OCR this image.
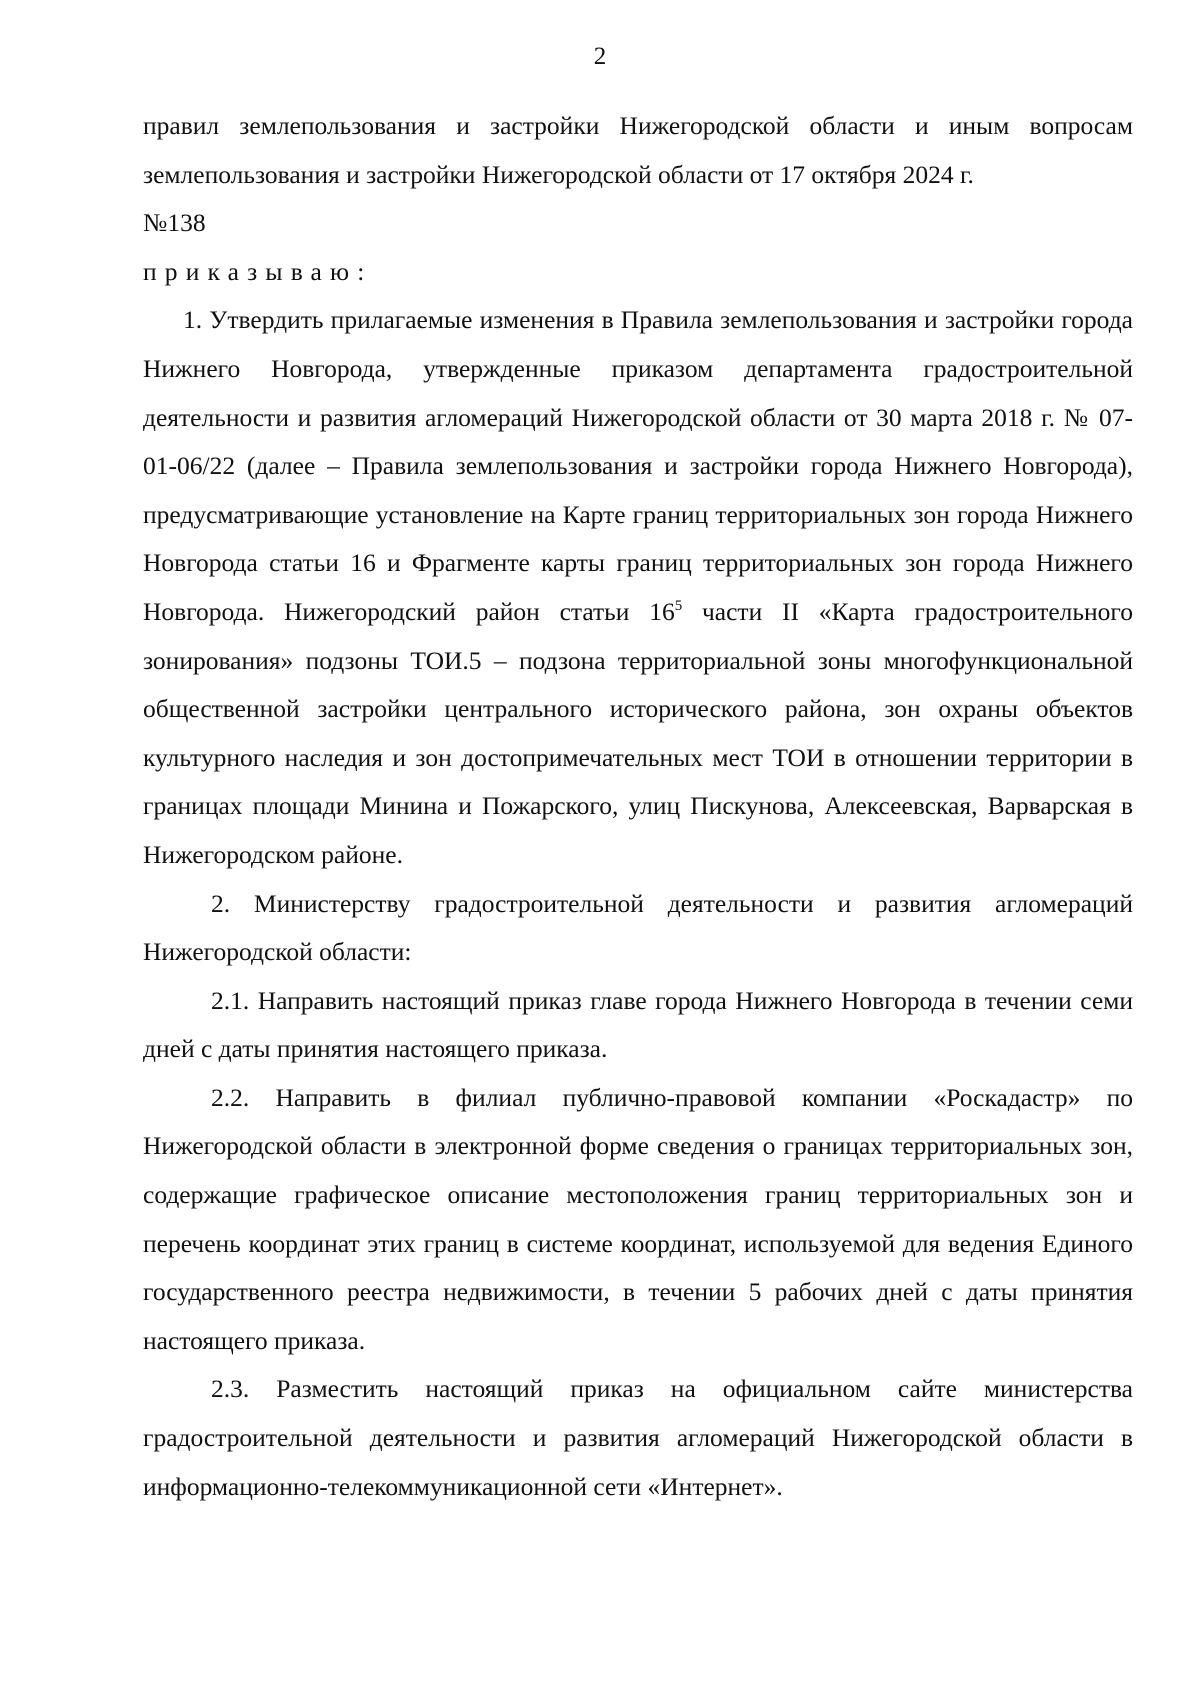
2

правил землепользования и застройки Нижегородской области и иным вопросам землепользования и застройки Нижегородской области от 17 октября 2024 г.

№138

приказываю:

1. Утвердить прилагаемые изменения в Правила землепользования и застройки города Нижнего Новгорода, утвержденные приказом департамента градостроительной деятельности и развития агломераций Нижегородской области от 30 марта 2018 г. № 07-01-06/22 (далее – Правила землепользования и застройки города Нижнего Новгорода), предусматривающие установление на Карте границ территориальных зон города Нижнего Новгорода статьи 16 и Фрагменте карты границ территориальных зон города Нижнего Новгорода. Нижегородский район статьи $16^5$ части II «Карта градостроительного зонирования» подзоны ТОИ.5 – подзона территориальной зоны многофункциональной общественной застройки центрального исторического района, зон охраны объектов культурного наследия и зон достопримечательных мест ТОИ в отношении территории в границах площади Минина и Пожарского, улиц Пискунова, Алексеевская, Варварская в Нижегородском районе.

2. Министерству градостроительной деятельности и развития агломераций Нижегородской области:

2.1. Направить настоящий приказ главе города Нижнего Новгорода в течении семи дней с даты принятия настоящего приказа.

2.2. Направить в филиал публично-правовой компании «Роскадастр» по Нижегородской области в электронной форме сведения о границах территориальных зон, содержащие графическое описание местоположения границ территориальных зон и перечень координат этих границ в системе координат, используемой для ведения Единого государственного реестра недвижимости, в течении 5 рабочих дней с даты принятия настоящего приказа.

2.3. Разместить настоящий приказ на официальном сайте министерства градостроительной деятельности и развития агломераций Нижегородской области в информационно-телекоммуникационной сети «Интернет».
